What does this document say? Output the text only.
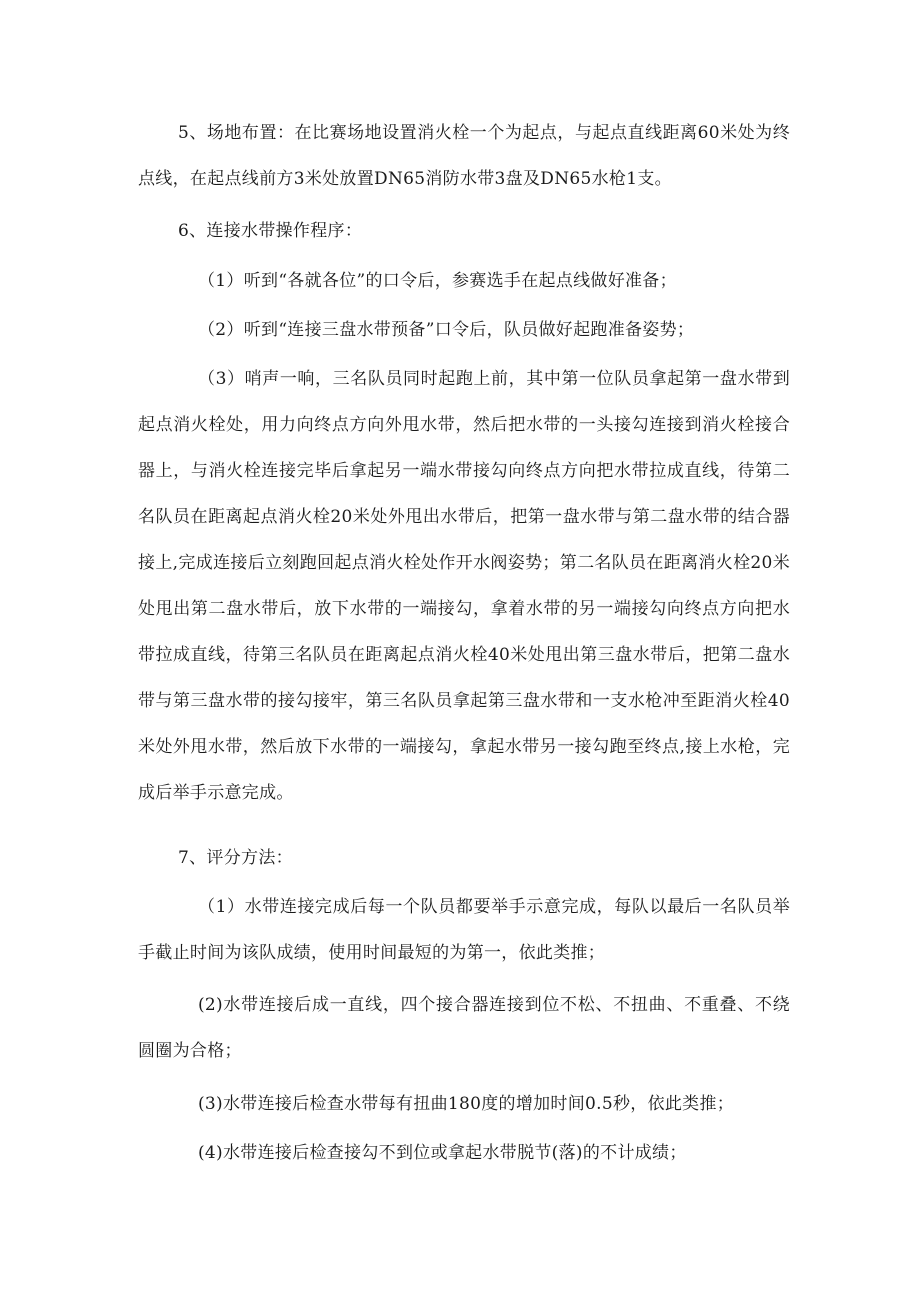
5、场地布置：在比赛场地设置消火栓一个为起点，与起点直线距离60米处为终点线，在起点线前方3米处放置DN65消防水带3盘及DN65水枪1支。

6、连接水带操作程序：

（1）听到“各就各位”的口令后，参赛选手在起点线做好准备；

（2）听到“连接三盘水带预备”口令后，队员做好起跑准备姿势；

（3）哨声一响，三名队员同时起跑上前，其中第一位队员拿起第一盘水带到起点消火栓处，用力向终点方向外甩水带，然后把水带的一头接勾连接到消火栓接合器上，与消火栓连接完毕后拿起另一端水带接勾向终点方向把水带拉成直线，待第二名队员在距离起点消火栓20米处外甩出水带后，把第一盘水带与第二盘水带的结合器接上,完成连接后立刻跑回起点消火栓处作开水阀姿势；第二名队员在距离消火栓20米处甩出第二盘水带后，放下水带的一端接勾，拿着水带的另一端接勾向终点方向把水带拉成直线，待第三名队员在距离起点消火栓40米处甩出第三盘水带后，把第二盘水带与第三盘水带的接勾接牢，第三名队员拿起第三盘水带和一支水枪冲至距消火栓40米处外甩水带，然后放下水带的一端接勾，拿起水带另一接勾跑至终点,接上水枪，完成后举手示意完成。

7、评分方法：

（1）水带连接完成后每一个队员都要举手示意完成，每队以最后一名队员举手截止时间为该队成绩，使用时间最短的为第一，依此类推；

(2)水带连接后成一直线，四个接合器连接到位不松、不扭曲、不重叠、不绕圆圈为合格；

(3)水带连接后检查水带每有扭曲180度的增加时间0.5秒，依此类推；

(4)水带连接后检查接勾不到位或拿起水带脱节(落)的不计成绩；
